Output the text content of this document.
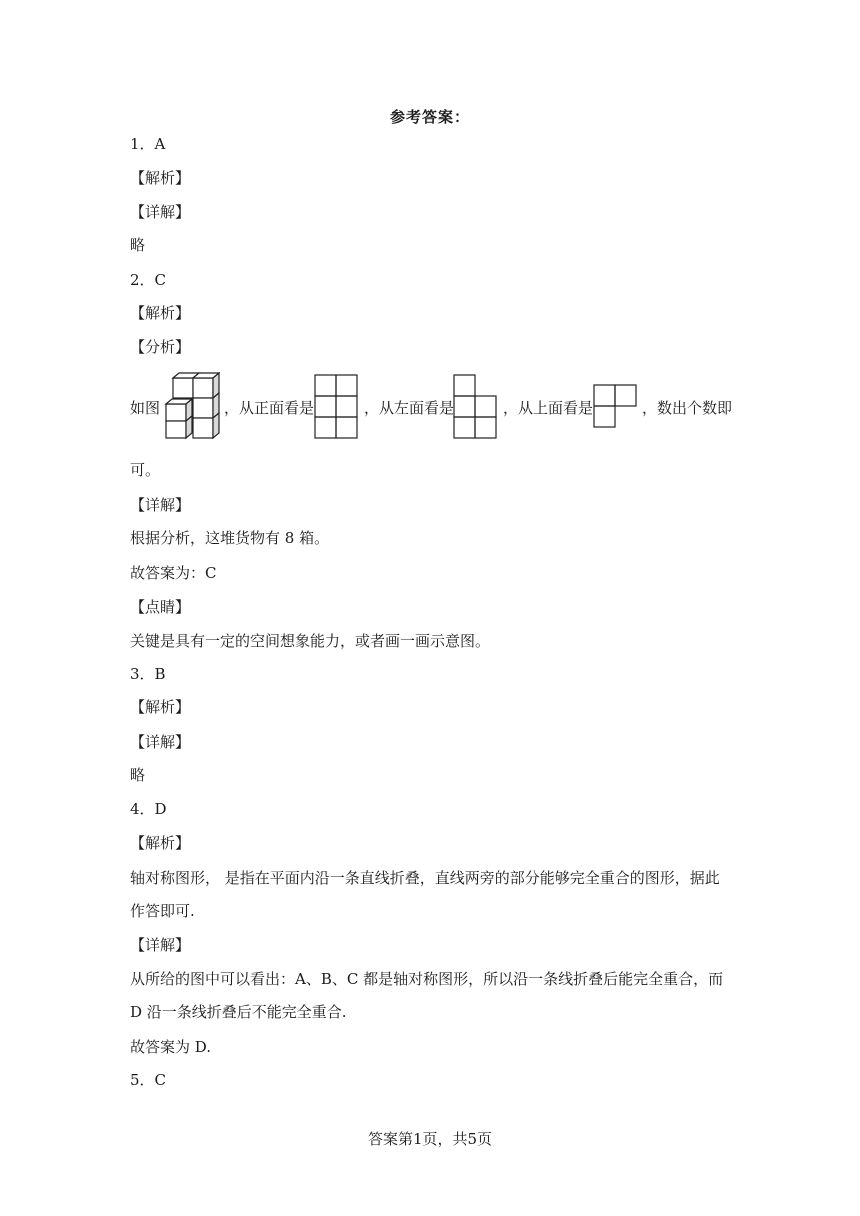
参考答案：
1．A
【解析】
【详解】
略
2．C
【解析】
【分析】
如图	，从正面看是	，从左面看是	，从上面看是	，数出个数即
可。
【详解】
根据分析，这堆货物有 8 箱。
故答案为：C
【点睛】
关键是具有一定的空间想象能力，或者画一画示意图。
3．B
【解析】
【详解】
略
4．D
【解析】
轴对称图形， 是指在平面内沿一条直线折叠，直线两旁的部分能够完全重合的图形，据此
作答即可.
【详解】
从所给的图中可以看出：A、B、C 都是轴对称图形，所以沿一条线折叠后能完全重合，而
D 沿一条线折叠后不能完全重合.
故答案为 D.
5．C
答案第1页，共5页
